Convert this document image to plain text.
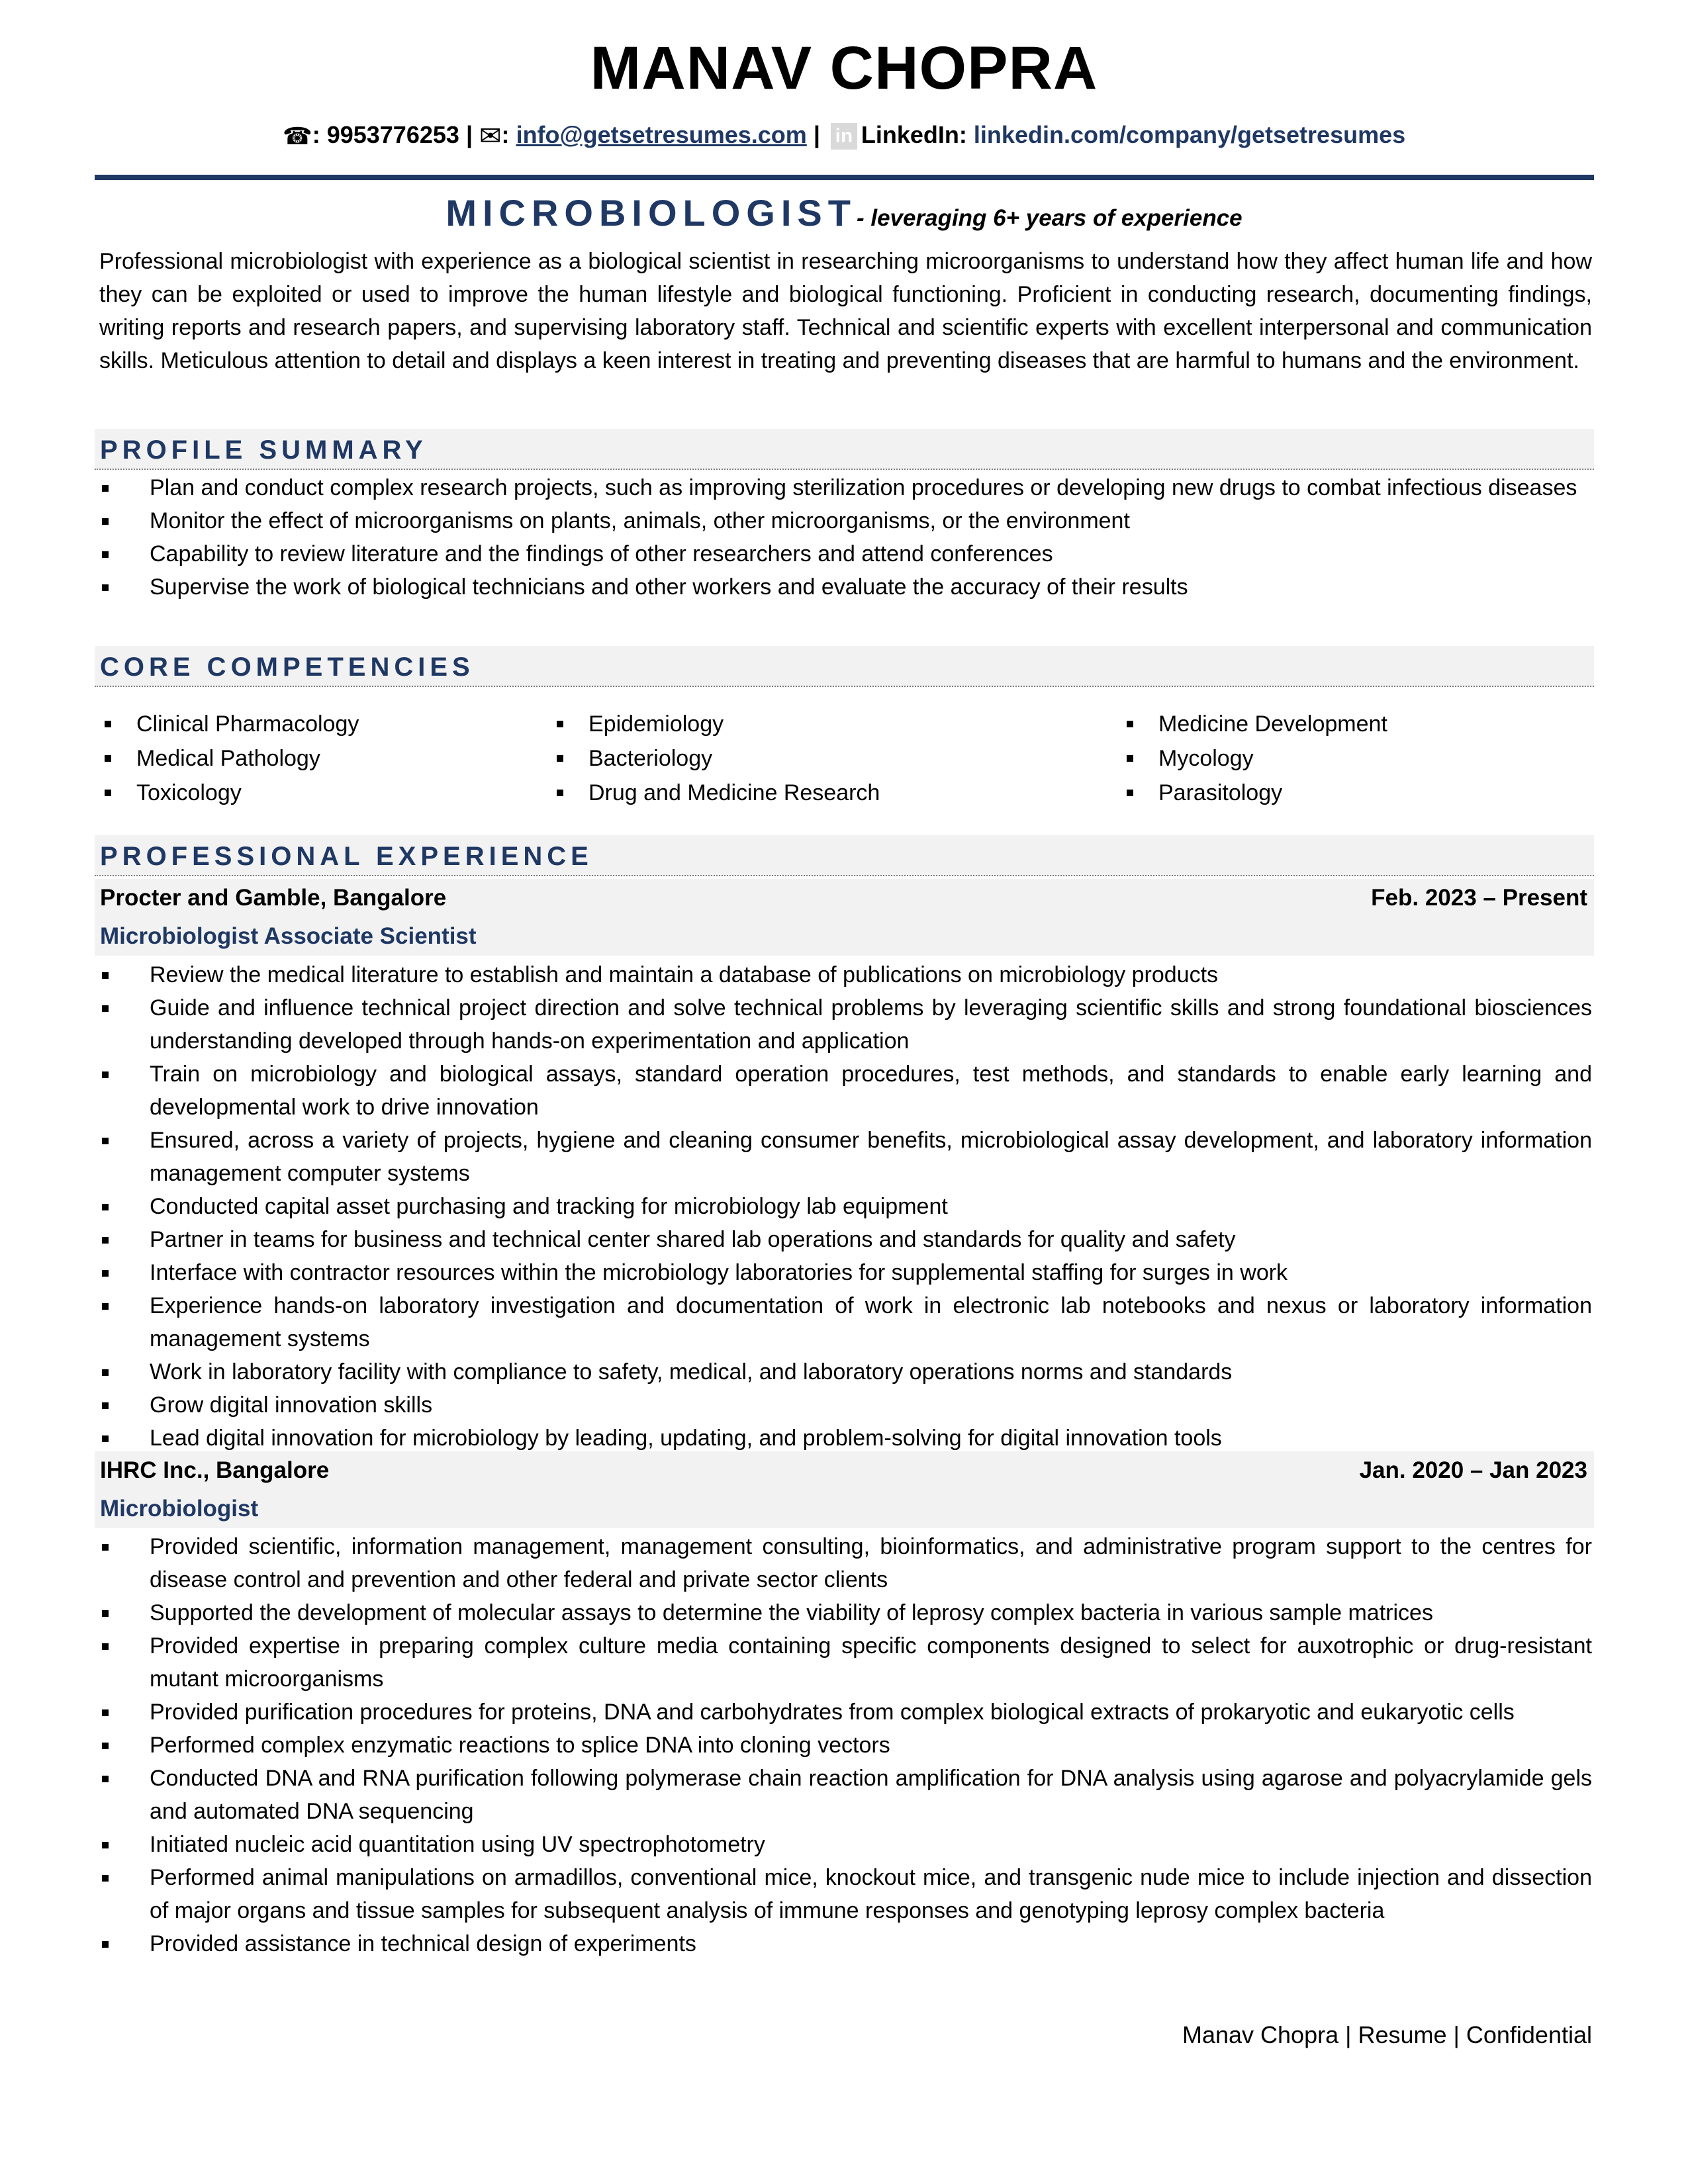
MANAV CHOPRA
☎: 9953776253 | ✉: info@getsetresumes.com | in LinkedIn: linkedin.com/company/getsetresumes
MICROBIOLOGIST- leveraging 6+ years of experience
Professional microbiologist with experience as a biological scientist in researching microorganisms to understand how they affect human life and how they can be exploited or used to improve the human lifestyle and biological functioning. Proficient in conducting research, documenting findings, writing reports and research papers, and supervising laboratory staff. Technical and scientific experts with excellent interpersonal and communication skills. Meticulous attention to detail and displays a keen interest in treating and preventing diseases that are harmful to humans and the environment.
PROFILE SUMMARY
Plan and conduct complex research projects, such as improving sterilization procedures or developing new drugs to combat infectious diseases
Monitor the effect of microorganisms on plants, animals, other microorganisms, or the environment
Capability to review literature and the findings of other researchers and attend conferences
Supervise the work of biological technicians and other workers and evaluate the accuracy of their results
CORE COMPETENCIES
Clinical Pharmacology
Medical Pathology
Toxicology
Epidemiology
Bacteriology
Drug and Medicine Research
Medicine Development
Mycology
Parasitology
PROFESSIONAL EXPERIENCE
Procter and Gamble, Bangalore	Feb. 2023 – Present
Microbiologist Associate Scientist
Review the medical literature to establish and maintain a database of publications on microbiology products
Guide and influence technical project direction and solve technical problems by leveraging scientific skills and strong foundational biosciences understanding developed through hands-on experimentation and application
Train on microbiology and biological assays, standard operation procedures, test methods, and standards to enable early learning and developmental work to drive innovation
Ensured, across a variety of projects, hygiene and cleaning consumer benefits, microbiological assay development, and laboratory information management computer systems
Conducted capital asset purchasing and tracking for microbiology lab equipment
Partner in teams for business and technical center shared lab operations and standards for quality and safety
Interface with contractor resources within the microbiology laboratories for supplemental staffing for surges in work
Experience hands-on laboratory investigation and documentation of work in electronic lab notebooks and nexus or laboratory information management systems
Work in laboratory facility with compliance to safety, medical, and laboratory operations norms and standards
Grow digital innovation skills
Lead digital innovation for microbiology by leading, updating, and problem-solving for digital innovation tools
IHRC Inc., Bangalore	Jan. 2020 – Jan 2023
Microbiologist
Provided scientific, information management, management consulting, bioinformatics, and administrative program support to the centres for disease control and prevention and other federal and private sector clients
Supported the development of molecular assays to determine the viability of leprosy complex bacteria in various sample matrices
Provided expertise in preparing complex culture media containing specific components designed to select for auxotrophic or drug-resistant mutant microorganisms
Provided purification procedures for proteins, DNA and carbohydrates from complex biological extracts of prokaryotic and eukaryotic cells
Performed complex enzymatic reactions to splice DNA into cloning vectors
Conducted DNA and RNA purification following polymerase chain reaction amplification for DNA analysis using agarose and polyacrylamide gels and automated DNA sequencing
Initiated nucleic acid quantitation using UV spectrophotometry
Performed animal manipulations on armadillos, conventional mice, knockout mice, and transgenic nude mice to include injection and dissection of major organs and tissue samples for subsequent analysis of immune responses and genotyping leprosy complex bacteria
Provided assistance in technical design of experiments
Manav Chopra | Resume | Confidential
